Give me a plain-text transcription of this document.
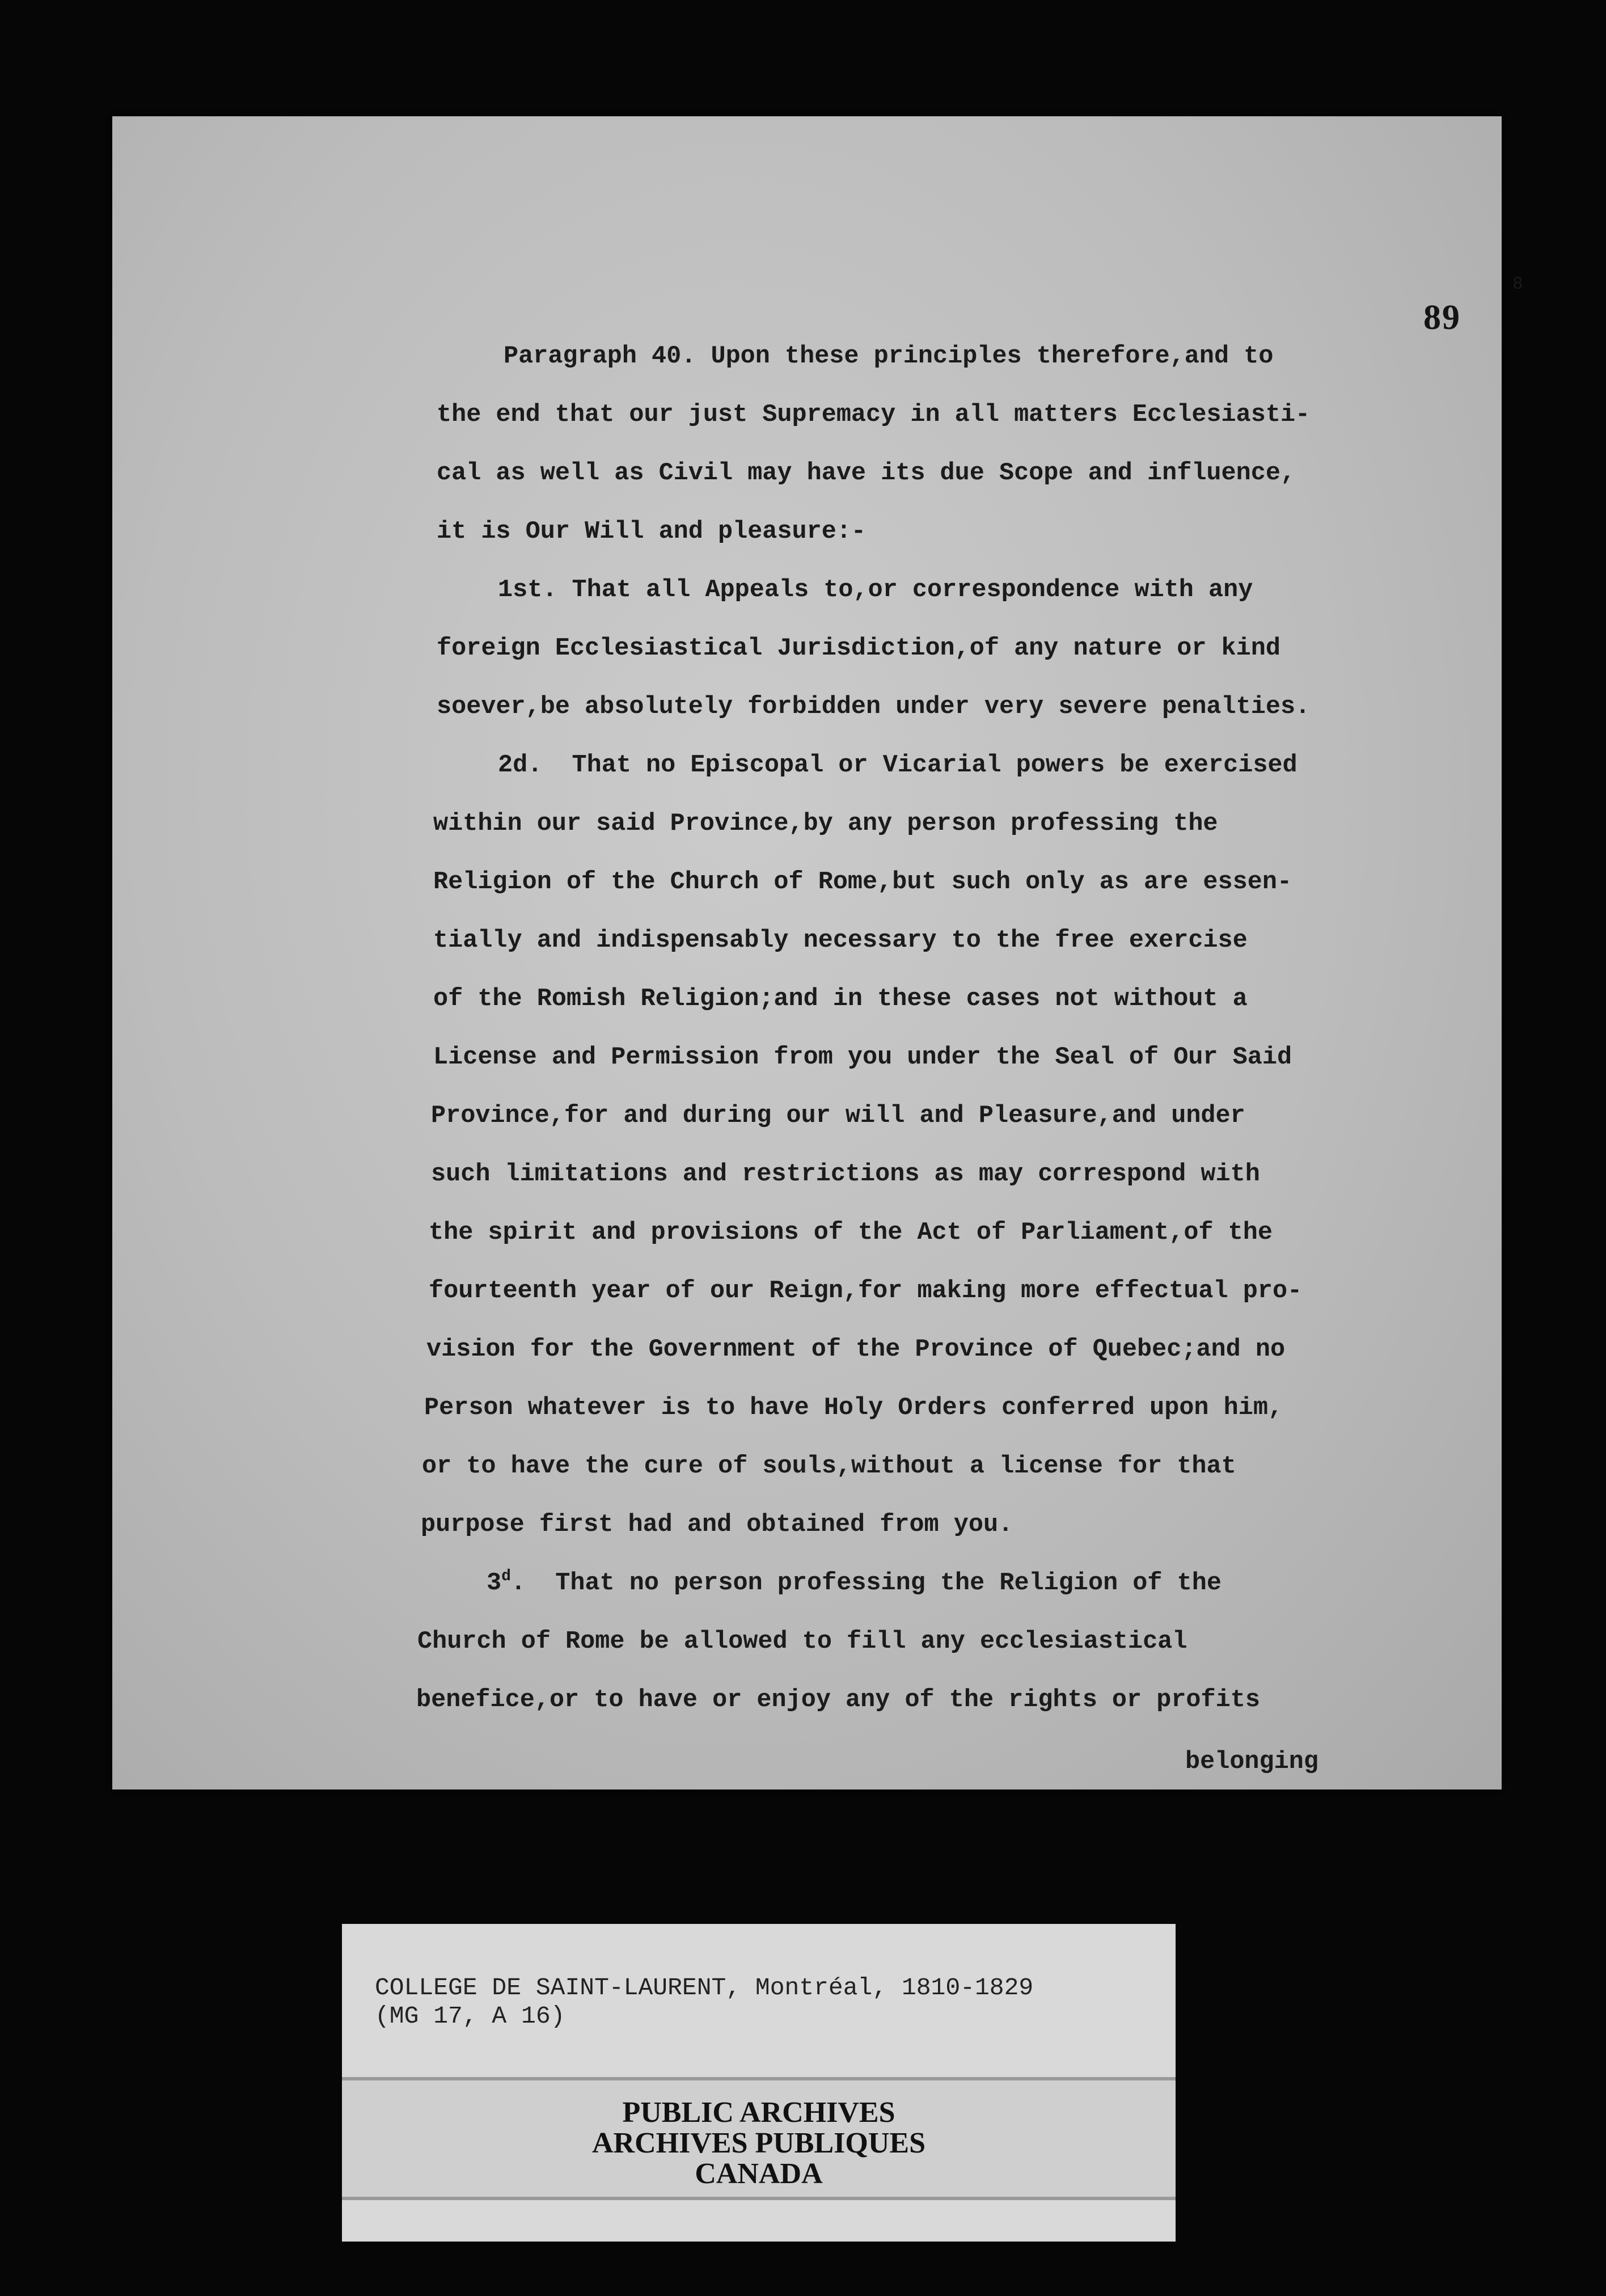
8
89
Paragraph 40. Upon these principles therefore,and to
the end that our just Supremacy in all matters Ecclesiasti-
cal as well as Civil may have its due Scope and influence,
it is Our Will and pleasure:-
1st. That all Appeals to,or correspondence with any
foreign Ecclesiastical Jurisdiction,of any nature or kind
soever,be absolutely forbidden under very severe penalties.
2d.  That no Episcopal or Vicarial powers be exercised
within our said Province,by any person professing the
Religion of the Church of Rome,but such only as are essen-
tially and indispensably necessary to the free exercise
of the Romish Religion;and in these cases not without a
License and Permission from you under the Seal of Our Said
Province,for and during our will and Pleasure,and under
such limitations and restrictions as may correspond with
the spirit and provisions of the Act of Parliament,of the
fourteenth year of our Reign,for making more effectual pro-
vision for the Government of the Province of Quebec;and no
Person whatever is to have Holy Orders conferred upon him,
or to have the cure of souls,without a license for that
purpose first had and obtained from you.
3$^d$.  That no person professing the Religion of the
Church of Rome be allowed to fill any ecclesiastical
benefice,or to have or enjoy any of the rights or profits
belonging
COLLEGE DE SAINT-LAURENT, Montréal, 1810-1829
(MG 17, A 16)
PUBLIC ARCHIVES
ARCHIVES PUBLIQUES
CANADA
